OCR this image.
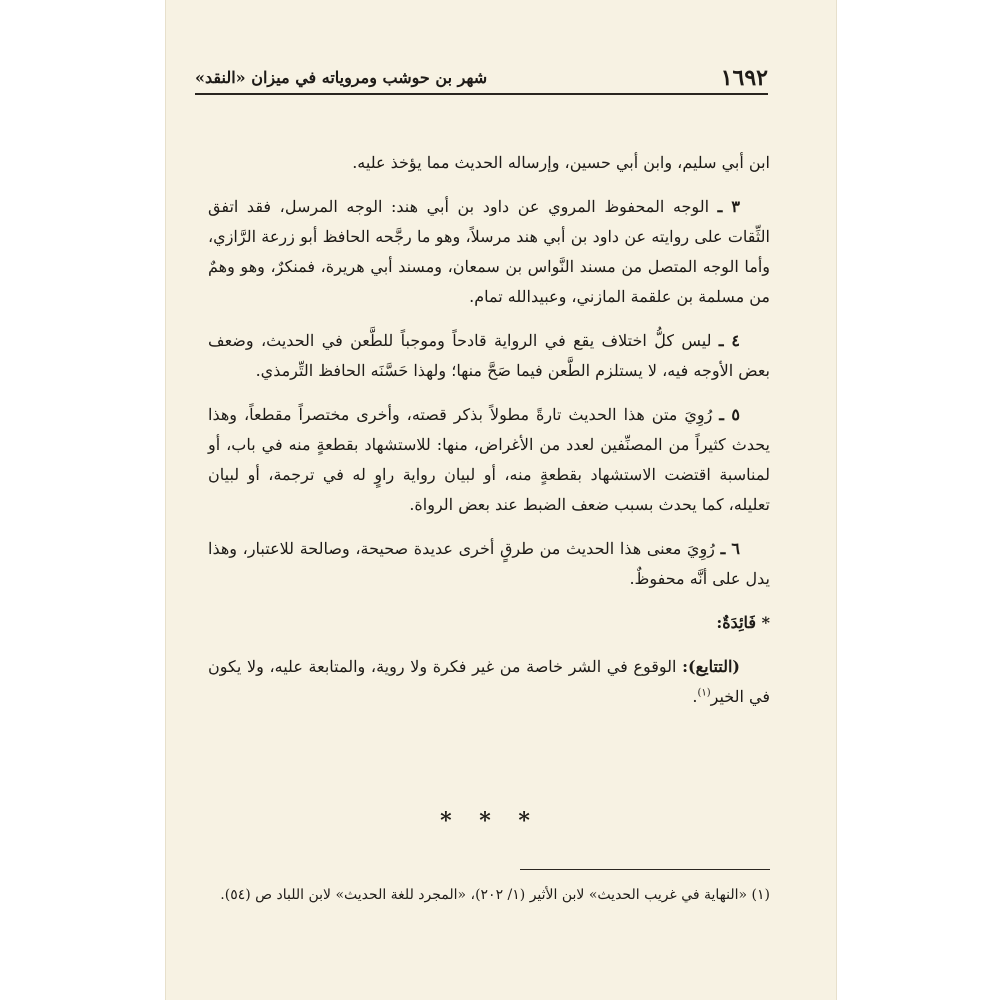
١٦٩٢
شهر بن حوشب ومروياته في ميزان «النقد»

ابن أبي سليم، وابن أبي حسين، وإرساله الحديث مما يؤخذ عليه.

٣ ـ الوجه المحفوظ المروي عن داود بن أبي هند: الوجه المرسل، فقد اتفق الثِّقات على روايته عن داود بن أبي هند مرسلاً، وهو ما رجَّحه الحافظ أبو زرعة الرَّازي، وأما الوجه المتصل من مسند النَّواس بن سمعان، ومسند أبي هريرة، فمنكرٌ، وهو وهمٌ من مسلمة بن علقمة المازني، وعبيدالله تمام.

٤ ـ ليس كلُّ اختلاف يقع في الرواية قادحاً وموجباً للطَّعن في الحديث، وضعف بعض الأوجه فيه، لا يستلزم الطَّعن فيما صَحَّ منها؛ ولهذا حَسَّنَه الحافظ التِّرمذي.

٥ ـ رُوِيَ متن هذا الحديث تارةً مطولاً بذكر قصته، وأخرى مختصراً مقطعاً، وهذا يحدث كثيراً من المصنِّفين لعدد من الأغراض، منها: للاستشهاد بقطعةٍ منه في باب، أو لمناسبة اقتضت الاستشهاد بقطعةٍ منه، أو لبيان رواية راوٍ له في ترجمة، أو لبيان تعليله، كما يحدث بسبب ضعف الضبط عند بعض الرواة.

٦ ـ رُوِيَ معنى هذا الحديث من طرقٍ أخرى عديدة صحيحة، وصالحة للاعتبار، وهذا يدل على أنَّه محفوظٌ.

* فَائِدَةٌ:

(التتايع): الوقوع في الشر خاصة من غير فكرة ولا روية، والمتابعة عليه، ولا يكون في الخير$^{(١)}$.

* * *
(١) «النهاية في غريب الحديث» لابن الأثير (١/ ٢٠٢)، «المجرد للغة الحديث» لابن اللباد ص (٥٤).
